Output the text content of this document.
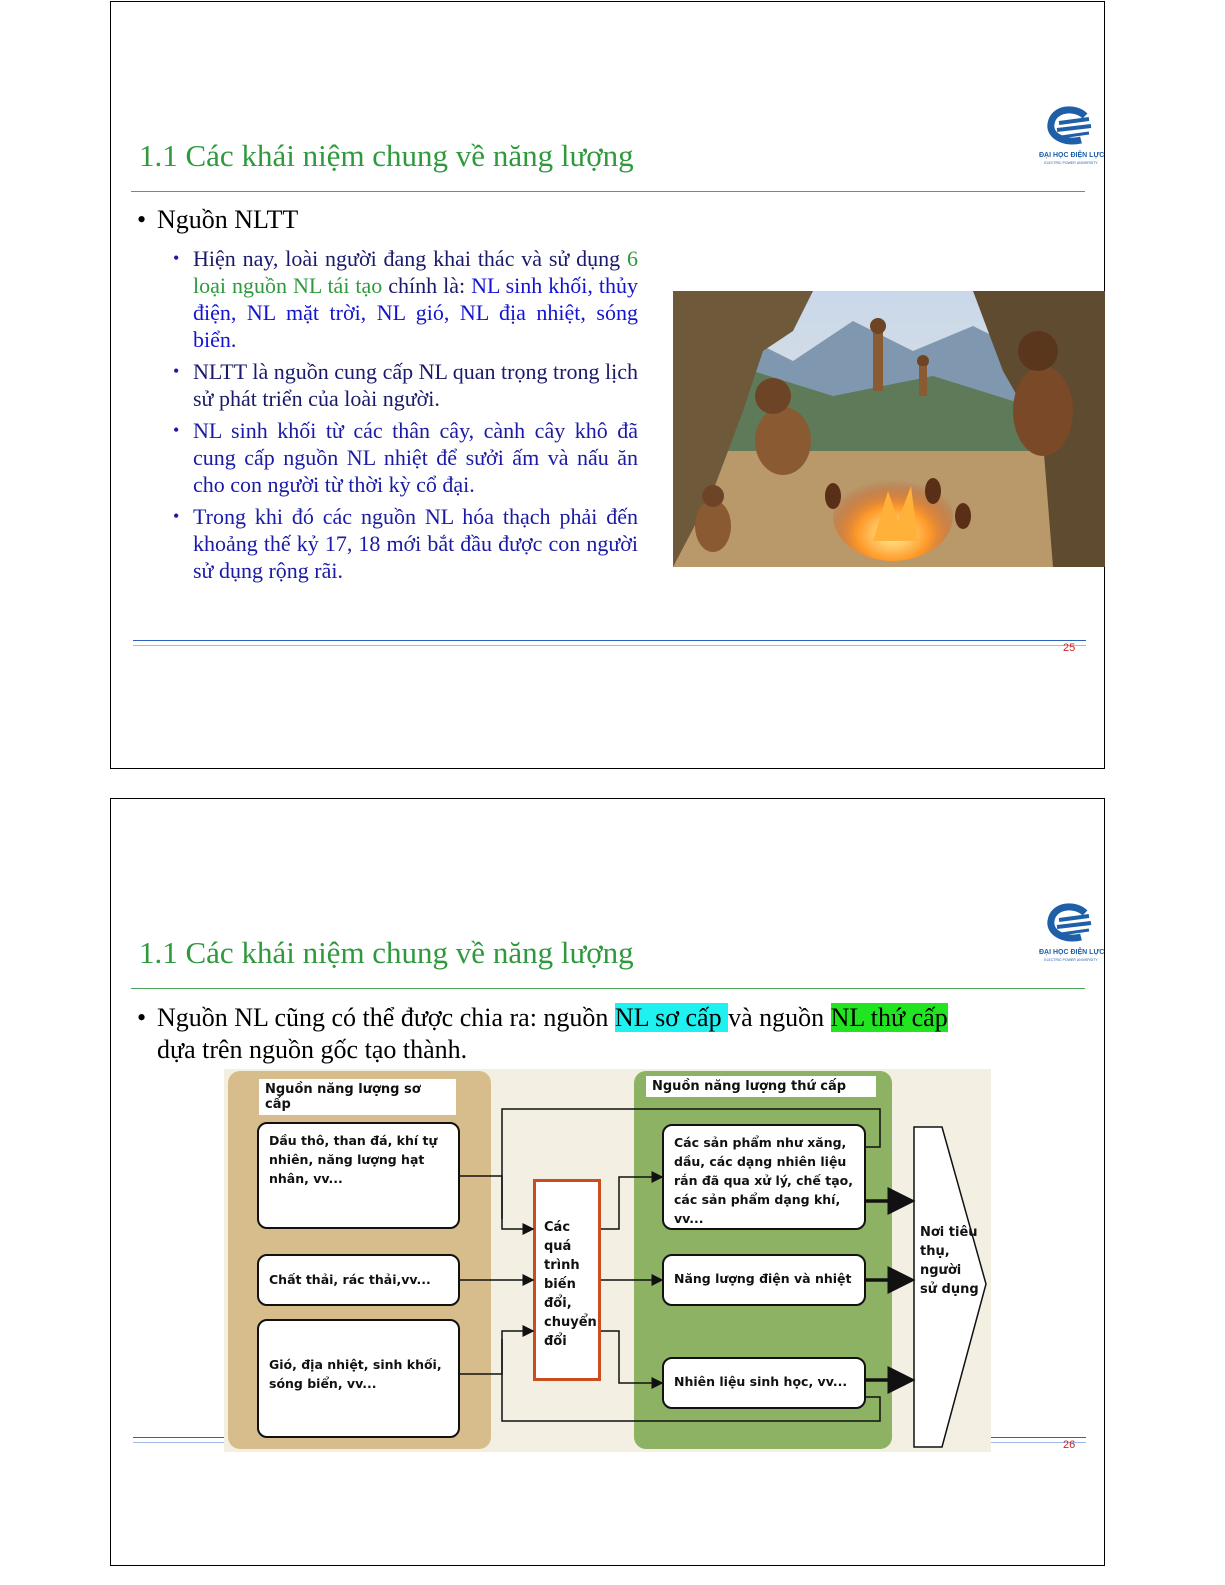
1.1 Các khái niệm chung về năng lượng	ĐẠI HỌC ĐIỆN LỰC
ELECTRIC POWER UNIVERSITY
• Nguồn NLTT
• Hiện nay, loài người đang khai thác và sử dụng 6 loại nguồn NL tái tạo chính là: NL sinh khối, thủy điện, NL mặt trời, NL gió, NL địa nhiệt, sóng biển.
• NLTT là nguồn cung cấp NL quan trọng trong lịch sử phát triển của loài người.
• NL sinh khối từ các thân cây, cành cây khô đã cung cấp nguồn NL nhiệt để sưởi ấm và nấu ăn cho con người từ thời kỳ cổ đại.
• Trong khi đó các nguồn NL hóa thạch phải đến khoảng thế kỷ 17, 18 mới bắt đầu được con người sử dụng rộng rãi.
25
1.1 Các khái niệm chung về năng lượng	ĐẠI HỌC ĐIỆN LỰC
ELECTRIC POWER UNIVERSITY
• Nguồn NL cũng có thể được chia ra: nguồn NL sơ cấp và nguồn NL thứ cấp
dựa trên nguồn gốc tạo thành.
26
Nguồn năng lượng sơ cấp
Nguồn năng lượng thứ cấp
Dầu thô, than đá, khí tự nhiên, năng lượng hạt nhân, vv...
Chất thải, rác thải,vv...
Gió, địa nhiệt, sinh khối, sóng biển, vv...
Các quá trình biến đổi, chuyển đổi
Các sản phẩm như xăng, dầu, các dạng nhiên liệu rắn đã qua xử lý, chế tạo, các sản phẩm dạng khí, vv...
Năng lượng điện và nhiệt
Nhiên liệu sinh học, vv...
Nơi tiêu thụ, người sử dụng
